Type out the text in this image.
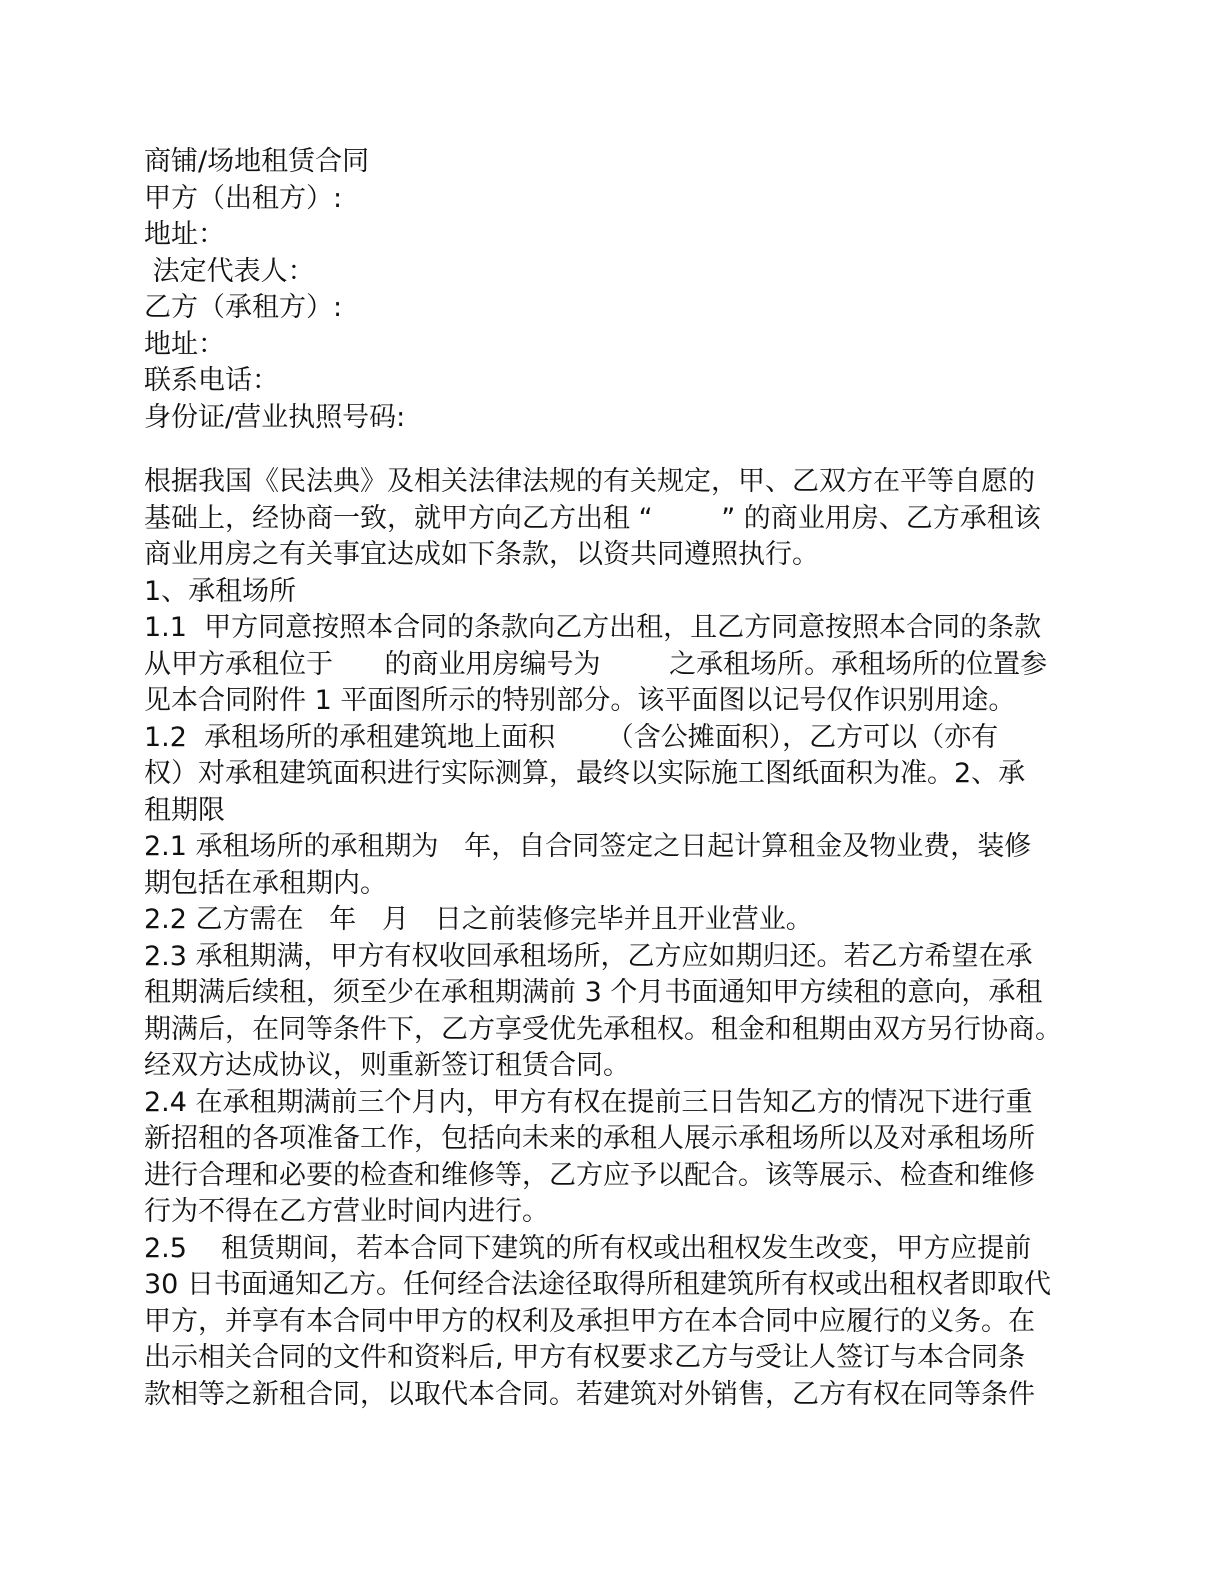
商铺/场地租赁合同
甲方（出租方）:
地址：
法定代表人：
乙方（承租方）:
地址：
联系电话：
身份证/营业执照号码:
根据我国《民法典》及相关法律法规的有关规定，甲、乙双方在平等自愿的
基础上，经协商一致，就甲方向乙方出租 “        ” 的商业用房、乙方承租该
商业用房之有关事宜达成如下条款，以资共同遵照执行。
1、承租场所
1.1  甲方同意按照本合同的条款向乙方出租，且乙方同意按照本合同的条款
从甲方承租位于      的商业用房编号为        之承租场所。承租场所的位置参
见本合同附件 1 平面图所示的特别部分。该平面图以记号仅作识别用途。
1.2  承租场所的承租建筑地上面积      （含公摊面积），乙方可以（亦有
权）对承租建筑面积进行实际测算，最终以实际施工图纸面积为准。2、承
租期限
2.1 承租场所的承租期为   年，自合同签定之日起计算租金及物业费，装修
期包括在承租期内。
2.2 乙方需在   年   月   日之前装修完毕并且开业营业。
2.3 承租期满，甲方有权收回承租场所，乙方应如期归还。若乙方希望在承
租期满后续租，须至少在承租期满前 3 个月书面通知甲方续租的意向，承租
期满后，在同等条件下，乙方享受优先承租权。租金和租期由双方另行协商。
经双方达成协议，则重新签订租赁合同。
2.4 在承租期满前三个月内，甲方有权在提前三日告知乙方的情况下进行重
新招租的各项准备工作，包括向未来的承租人展示承租场所以及对承租场所
进行合理和必要的检查和维修等，乙方应予以配合。该等展示、检查和维修
行为不得在乙方营业时间内进行。
2.5    租赁期间，若本合同下建筑的所有权或出租权发生改变，甲方应提前
30 日书面通知乙方。任何经合法途径取得所租建筑所有权或出租权者即取代
甲方，并享有本合同中甲方的权利及承担甲方在本合同中应履行的义务。在
出示相关合同的文件和资料后, 甲方有权要求乙方与受让人签订与本合同条
款相等之新租合同，以取代本合同。若建筑对外销售，乙方有权在同等条件
